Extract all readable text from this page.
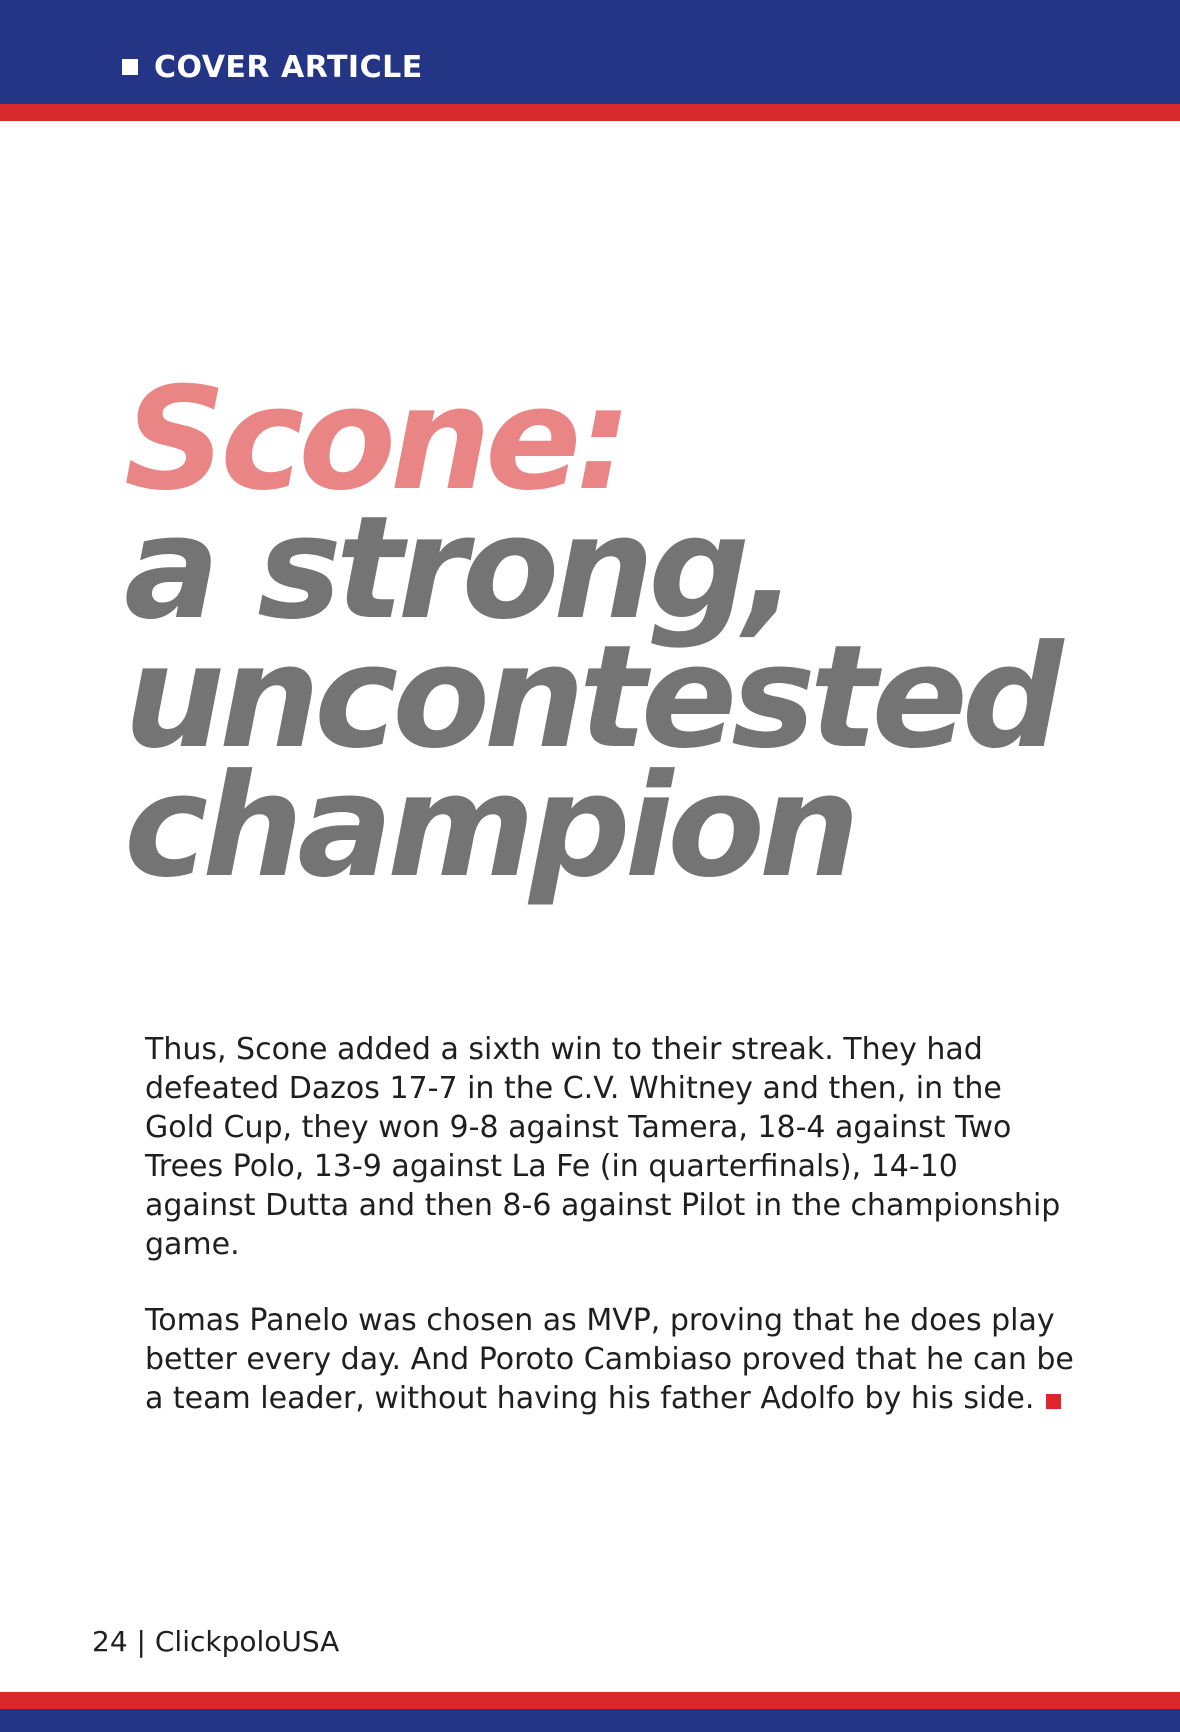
COVER ARTICLE
Scone:
a strong,
uncontested
champion

Thus, Scone added a sixth win to their streak. They had defeated Dazos 17-7 in the C.V. Whitney and then, in the Gold Cup, they won 9-8 against Tamera, 18-4 against Two Trees Polo, 13-9 against La Fe (in quarterfinals), 14-10 against Dutta and then 8-6 against Pilot in the championship game.

Tomas Panelo was chosen as MVP, proving that he does play better every day. And Poroto Cambiaso proved that he can be a team leader, without having his father Adolfo by his side.

24 | ClickpoloUSA
